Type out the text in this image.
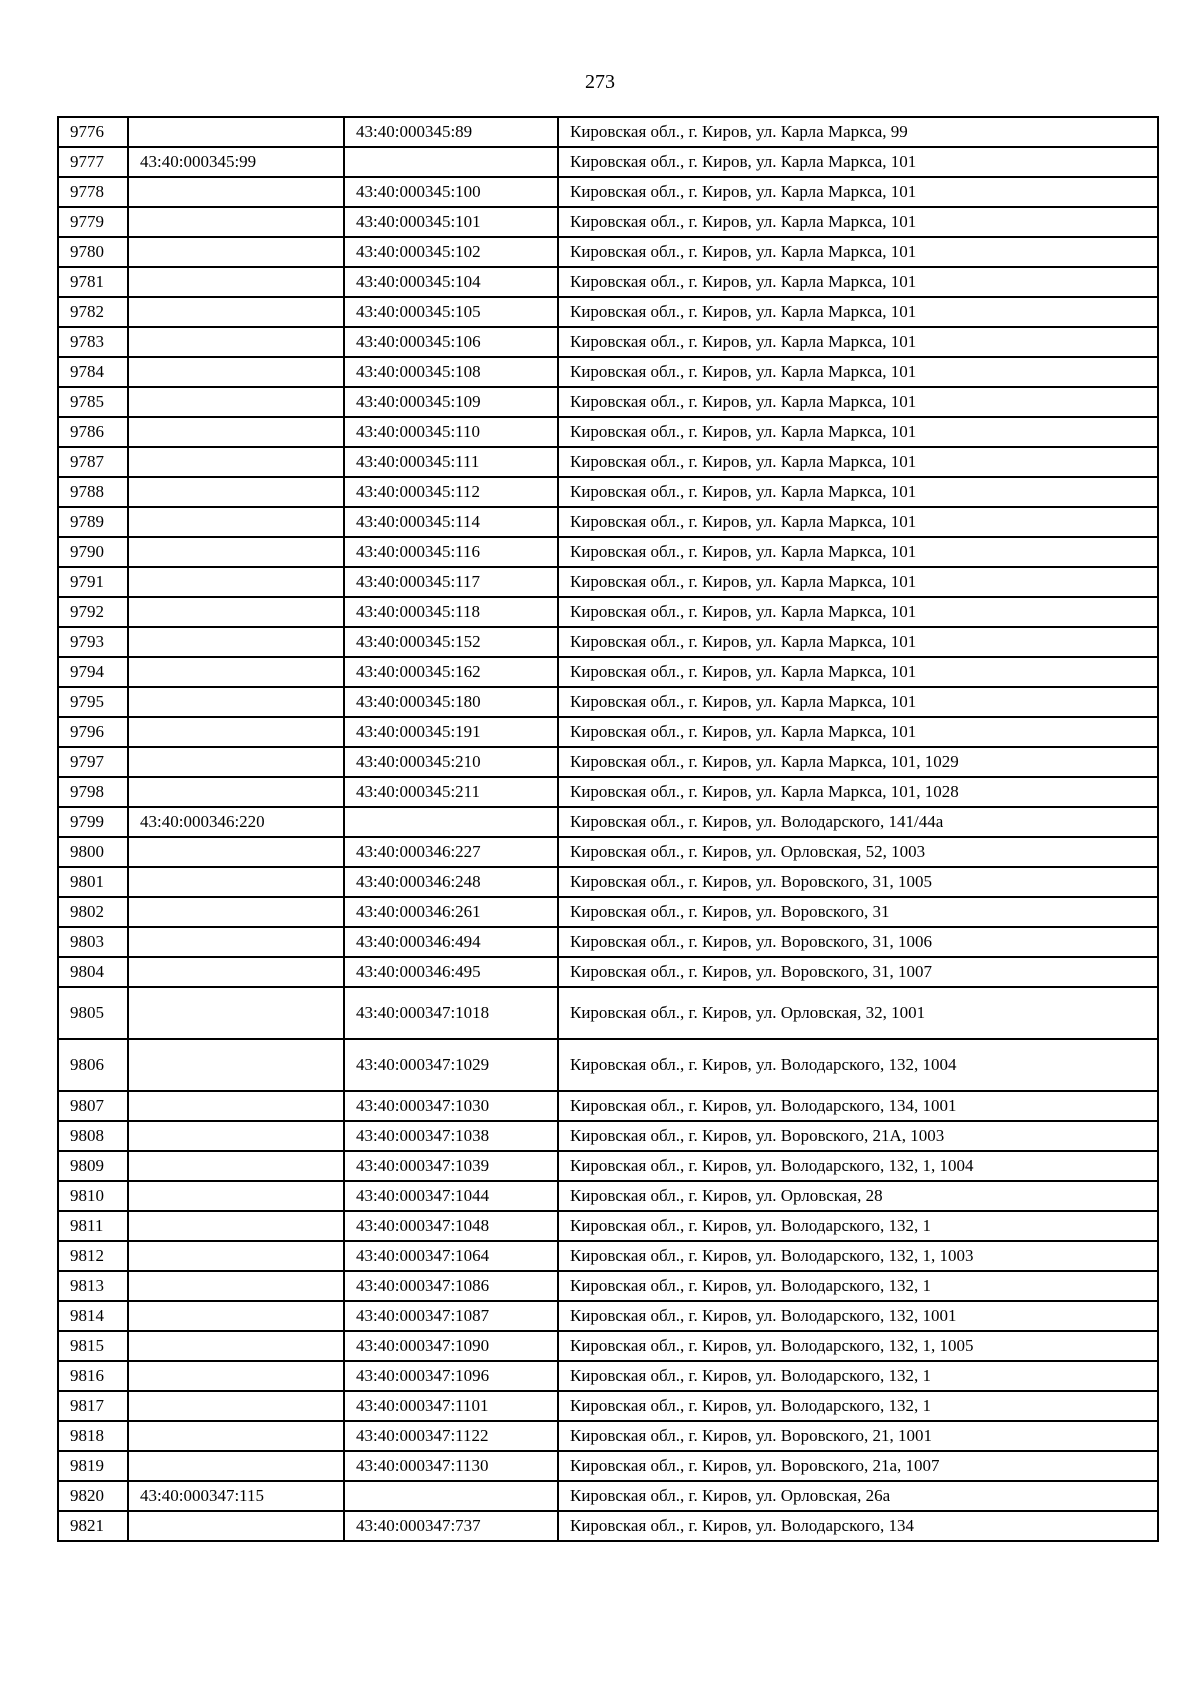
273
9776		43:40:000345:89	Кировская обл., г. Киров, ул. Карла Маркса, 99
9777	43:40:000345:99		Кировская обл., г. Киров, ул. Карла Маркса, 101
9778		43:40:000345:100	Кировская обл., г. Киров, ул. Карла Маркса, 101
9779		43:40:000345:101	Кировская обл., г. Киров, ул. Карла Маркса, 101
9780		43:40:000345:102	Кировская обл., г. Киров, ул. Карла Маркса, 101
9781		43:40:000345:104	Кировская обл., г. Киров, ул. Карла Маркса, 101
9782		43:40:000345:105	Кировская обл., г. Киров, ул. Карла Маркса, 101
9783		43:40:000345:106	Кировская обл., г. Киров, ул. Карла Маркса, 101
9784		43:40:000345:108	Кировская обл., г. Киров, ул. Карла Маркса, 101
9785		43:40:000345:109	Кировская обл., г. Киров, ул. Карла Маркса, 101
9786		43:40:000345:110	Кировская обл., г. Киров, ул. Карла Маркса, 101
9787		43:40:000345:111	Кировская обл., г. Киров, ул. Карла Маркса, 101
9788		43:40:000345:112	Кировская обл., г. Киров, ул. Карла Маркса, 101
9789		43:40:000345:114	Кировская обл., г. Киров, ул. Карла Маркса, 101
9790		43:40:000345:116	Кировская обл., г. Киров, ул. Карла Маркса, 101
9791		43:40:000345:117	Кировская обл., г. Киров, ул. Карла Маркса, 101
9792		43:40:000345:118	Кировская обл., г. Киров, ул. Карла Маркса, 101
9793		43:40:000345:152	Кировская обл., г. Киров, ул. Карла Маркса, 101
9794		43:40:000345:162	Кировская обл., г. Киров, ул. Карла Маркса, 101
9795		43:40:000345:180	Кировская обл., г. Киров, ул. Карла Маркса, 101
9796		43:40:000345:191	Кировская обл., г. Киров, ул. Карла Маркса, 101
9797		43:40:000345:210	Кировская обл., г. Киров, ул. Карла Маркса, 101, 1029
9798		43:40:000345:211	Кировская обл., г. Киров, ул. Карла Маркса, 101, 1028
9799	43:40:000346:220		Кировская обл., г. Киров, ул. Володарского, 141/44а
9800		43:40:000346:227	Кировская обл., г. Киров, ул. Орловская, 52, 1003
9801		43:40:000346:248	Кировская обл., г. Киров, ул. Воровского, 31, 1005
9802		43:40:000346:261	Кировская обл., г. Киров, ул. Воровского, 31
9803		43:40:000346:494	Кировская обл., г. Киров, ул. Воровского, 31, 1006
9804		43:40:000346:495	Кировская обл., г. Киров, ул. Воровского, 31, 1007
9805		43:40:000347:1018	Кировская обл., г. Киров, ул. Орловская, 32, 1001
9806		43:40:000347:1029	Кировская обл., г. Киров, ул. Володарского, 132, 1004
9807		43:40:000347:1030	Кировская обл., г. Киров, ул. Володарского, 134, 1001
9808		43:40:000347:1038	Кировская обл., г. Киров, ул. Воровского, 21А, 1003
9809		43:40:000347:1039	Кировская обл., г. Киров, ул. Володарского, 132, 1, 1004
9810		43:40:000347:1044	Кировская обл., г. Киров, ул. Орловская, 28
9811		43:40:000347:1048	Кировская обл., г. Киров, ул. Володарского, 132, 1
9812		43:40:000347:1064	Кировская обл., г. Киров, ул. Володарского, 132, 1, 1003
9813		43:40:000347:1086	Кировская обл., г. Киров, ул. Володарского, 132, 1
9814		43:40:000347:1087	Кировская обл., г. Киров, ул. Володарского, 132, 1001
9815		43:40:000347:1090	Кировская обл., г. Киров, ул. Володарского, 132, 1, 1005
9816		43:40:000347:1096	Кировская обл., г. Киров, ул. Володарского, 132, 1
9817		43:40:000347:1101	Кировская обл., г. Киров, ул. Володарского, 132, 1
9818		43:40:000347:1122	Кировская обл., г. Киров, ул. Воровского, 21, 1001
9819		43:40:000347:1130	Кировская обл., г. Киров, ул. Воровского, 21а, 1007
9820	43:40:000347:115		Кировская обл., г. Киров, ул. Орловская, 26а
9821		43:40:000347:737	Кировская обл., г. Киров, ул. Володарского, 134
